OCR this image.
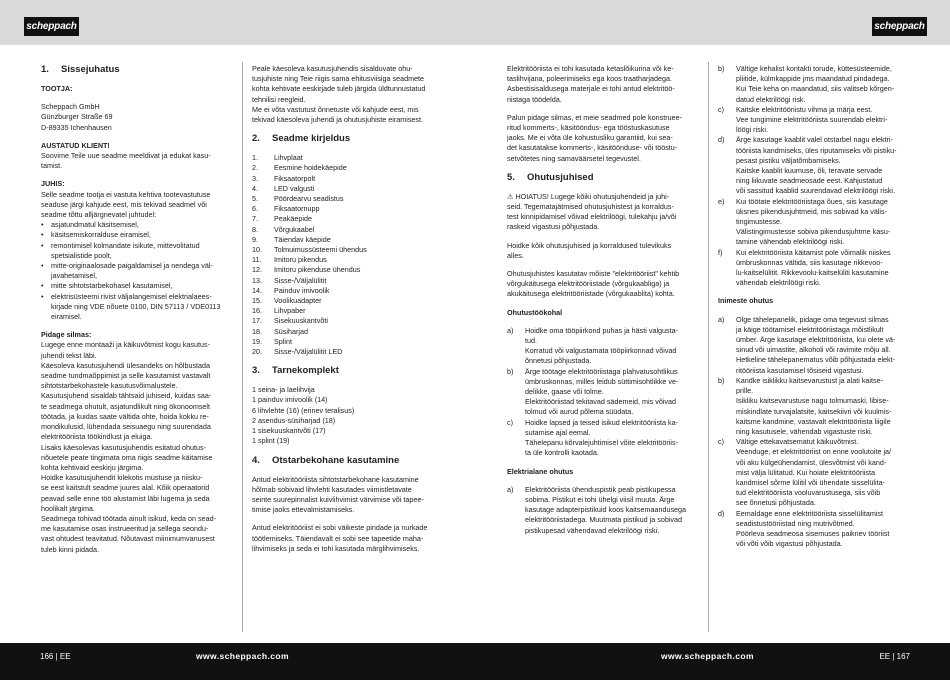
scheppach	scheppach
1. Sissejuhatus

TOOTJA:

Scheppach GmbH

Günzburger Straße 69

D-89335 Ichenhausen

AUSTATUD KLIENT!

Soovime Teile uue seadme meeldivat ja edukat kasu-

tamist.

JUHIS:

Selle seadme tootja ei vastuta kehtiva tootevastutuse

seaduse järgi kahjude eest, mis tekivad seadmel või

seadme tõttu alljärgnevatel juhtudel:

• asjatundmatul käsitsemisel,

• käsitsemiskorralduse eiramisel,

• remontimisel kolmandate isikute, mittevolitatud

spetsialistide poolt,

• mitte-originaalosade paigaldamisel ja nendega väl-

javahetamisel,

• mitte sihtotstarbekohasel kasutamisel,

• elektrisüsteemi rivist väljalangemisel elektrialaees-

kirjade ning VDE nõuete 0100, DIN 57113 / VDE0113

eiramisel.

Pidage silmas:

Lugege enne montaaži ja käikuvõtmist kogu kasutus-

juhendi tekst läbi.

Käesoleva kasutusjuhendi ülesandeks on hõlbustada

seadme tundmaõppimist ja selle kasutamist vastavalt

sihtotstarbekohastele kasutusvõimalustele.

Kasutusjuhend sisaldab tähtsaid juhiseid, kuidas saa-

te seadmega ohutult, asjatundlikult ning ökonoomselt

töötada, ja kuidas saate vältida ohte, hoida kokku re-

mondikulusid, lühendada seisuaegu ning suurendada

elektritööriista töökindlust ja eluiga.

Lisaks käesolevas kasutusjuhendis esitatud ohutus-

nõuetele peate tingimata oma riigis seadme käitamise

kohta kehtivaid eeskirju järgima.

Hoidke kasutusjuhendit kilekotis mustuse ja niisku-

se eest kaitstult seadme juures alal. Kõik operaatorid

peavad selle enne töö alustamist läbi lugema ja seda

hoolikalt järgima.

Seadmega tohivad töötada ainult isikud, keda on sead-

me kasutamise osas instrueeritud ja sellega seondu-

vast ohtudest teavitatud. Nõutavast miinimumvanusest

tuleb kinni pidada.

Peale käesoleva kasutusjuhendis sisalduvate ohu-

tusjuhiste ning Teie riigis sama ehitusviisiga seadmete

kohta kehtivate eeskirjade tuleb järgida üldtunnustatud

tehnilisi reegleid.

Me ei võta vastutust õnnetuste või kahjude eest, mis

tekivad käesoleva juhendi ja ohutusjuhiste eiramisest.

2. Seadme kirjeldus
1.	Lihvplaat
2.	Eesmine hoidekäepide
3.	Fiksaatorpolt
4.	LED valgusti
5.	Pöördearvu seadistus
6.	Fiksaatornupp
7.	Peakäepide
8.	Võrgukaabel
9.	Täiendav käepide
10.	Tolmuimussüsteemi ühendus
11.	Imitoru pikendus
12.	Imitoru pikenduse ühendus
13.	Sisse-/Väljalülitit
14.	Painduv imivoolik
15.	Voolikuadapter
16.	Lihvpaber
17.	Sisekuuskantvõti
18.	Süsiharjad
19.	Splint
20.	Sisse-/Väljalülitit LED
3. Tarnekomplekt

1 seina- ja laelihvija

1 painduv imivoolik (14)

6 lihvlehte (16) (erinev teralisus)

2 asendus-süsiharjad (18)

1 sisekuuskantvõti (17)

1 splint (19)

4. Otstarbekohane kasutamine

Antud elektritööriista sihtotstarbekohane kasutamine

hõlmab sobivaid lihvlehti kasutades viimistletavate

seinte suurepinnalist kuivlihvimist värvimise või tapee-

timise jaoks ettevalmistamiseks.

Antud elektritööriist ei sobi väikeste pindade ja nurkade

töötlemiseks. Täiendavalt ei sobi see tapeetide maha-

lihvimiseks ja seda ei tohi kasutada märglihvimiseks.

Elektritööriista ei tohi kasutada ketaslõikurina või ke-

taslihvijana, poleerimiseks ega koos traatharjadega.

Asbestisisaldusega materjale ei tohi antud elektritöö-

riistaga töödelda.

Palun pidage silmas, et meie seadmed pole konstruee-

ritud kommerts-, käsitööndus- ega tööstuskasutuse

jaoks. Me ei võta üle kohustusliku garantiid, kui sea-

det kasutatakse kommerts-, käsitöönduse- või tööstu-

setvõtetes ning samaväärsetel tegevustel.

5. Ohutusjuhised

⚠ HOIATUS! Lugege kõiki ohutusjuhendeid ja juhi-

seid. Tegematajätmised ohutusjuhistest ja korraldus-

test kinnipidamisel võivad elektrilöögi, tulekahju ja/või

raskeid vigastusi põhjustada.

Hoidke kõik ohutusjuhised ja korraldused tulevikuks

alles.

Ohutusjuhistes kasutatav mõiste "elektritööriist" kehtib

võrgukäitusega elektritööriistade (võrgukaabliga) ja

akukäitusega elektritööriistade (võrgukaablita) kohta.

Ohutustöökohal

a)	Hoidke oma tööpiirkond puhas ja hästi valgusta-

tud.

Korratud või valgustamata tööpiirkonnad võivad

õnnetusi põhjustada.

b)	Ärge töötage elektritööriistaga plahvatusohtlikus

ümbruskonnas, milles leidub süttimisohtlikke ve-

delikke, gaase või tolme.

Elektritööriistad tekitavad sädemeid, mis võivad

tolmud või aurud põlema süüdata.

c)	Hoidke lapsed ja teised isikud elektritööriista ka-

sutamise ajal eemal.

Tähelepanu kõrvalejuhtimisel võite elektritööriis-

ta üle kontrolli kaotada.

Elektrialane ohutus

a)	Elektritööriista ühenduspistik peab pistikupessa

sobima. Pistikut ei tohi ühelgi viisil muuta. Ärge

kasutage adapterpistikuid koos kaitsemaandusega

elektritööriistadega. Muutmata pistikud ja sobivad

pistikupesad vähendavad elektrilöögi riski.

b)	Vältige kehalist kontakti torude, küttesüsteemide,

pliitide, külmkappide jms maandatud pindadega.

Kui Teie keha on maandatud, siis valitseb kõrgen-

datud elektrilöögi risk.

c)	Kaitske elektritööriistu vihma ja märja eest.

Vee tungimine elektritööriista suurendab elektri-

löögi riski.

d)	Ärge kasutage kaablit valel otstarbel nagu elektri-

tööriista kandmiseks, üles riputamiseks või pistiku-

pesast pistiku väljatõmbamiseks.

Kaitske kaablit kuumuse, õli, teravate servade

ning liikuvate seadmeosade eest. Kahjustatud

või sassitud kaablid suurendavad elektrilöögi riski.

e)	Kui töötate elektritööriistaga õues, siis kasutage

üksnes pikendusjuhtmeid, mis sobivad ka välis-

tingimustesse.

Välistingimustesse sobiva pikendusjuhtme kasu-

tamine vähendab elektrilöögi riski.

f)	Kui elektritööriista käitamist pole võimalik niiskes

ümbruskonnas vältida, siis kasutage rikkevoo-

lu-kaitselülitit. Rikkevoolu-kaitselüliti kasutamine

vähendab elektrilöögi riski.

Inimeste ohutus

a)	Olge tähelepanelik, pidage oma tegevust silmas

ja käige töötamisel elektritööriistaga mõistlikult

ümber. Ärge kasutage elektritööriista, kui olete vä-

sinud või uimastite, alkoholi või ravimite mõju all.

Hetkeline tähelepanematus võib põhjustada elekt-

ritööriista kasutamisel tõsiseid vigastusi.

b)	Kandke isiklikku kaitsevarustust ja alati kaitse-

prille.

Isikliku kaitsevarustuse nagu tolmumaski, libise-

miskindlate turvajalatsite, kaitsekiivri või kuulmis-

kaitsme kandmine, vastavalt elektritööriista liigile

ning kasutusele, vähendab vigastuste riski.

c)	Vältige ettekavatsematut käikuvõtmist.

Veenduge, et elektritööriist on enne voolutoite ja/

või aku külgeühendamist, ülesvõtmist või kand-

mist välja lülitatud. Kui hoiate elektritööriista

kandmisel sõrme lülitil või ühendate sisselülita-

tud elektritööriista vooluvarustusega, siis võib

see õnnetusi põhjustada.

d)	Eemaldage enne elektritööriista sisselülitamist

seadistustööriistad ning mutrivõtmed.

Pöörleva seadmeosa sisemuses paiknev tööriist

või võti võib vigastusi põhjustada.

166 | EE	www.scheppach.com	www.scheppach.com	EE | 167
